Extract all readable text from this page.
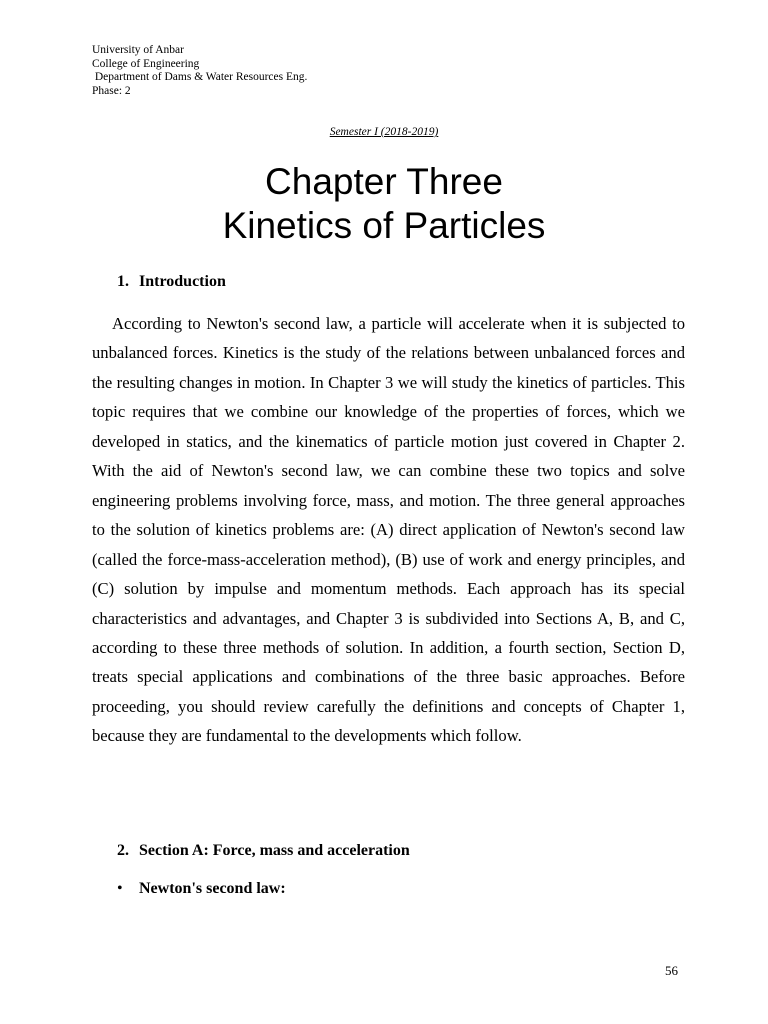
University of Anbar
College of Engineering
Department of Dams & Water Resources Eng.
Phase: 2
Semester I (2018-2019)
Chapter Three
Kinetics of Particles
1. Introduction

According to Newton's second law, a particle will accelerate when it is subjected to unbalanced forces. Kinetics is the study of the relations between unbalanced forces and the resulting changes in motion. In Chapter 3 we will study the kinetics of particles. This topic requires that we combine our knowledge of the properties of forces, which we developed in statics, and the kinematics of particle motion just covered in Chapter 2. With the aid of Newton's second law, we can combine these two topics and solve engineering problems involving force, mass, and motion. The three general approaches to the solution of kinetics problems are: (A) direct application of Newton's second law (called the force-mass-acceleration method), (B) use of work and energy principles, and (C) solution by impulse and momentum methods. Each approach has its special characteristics and advantages, and Chapter 3 is subdivided into Sections A, B, and C, according to these three methods of solution. In addition, a fourth section, Section D, treats special applications and combinations of the three basic approaches. Before proceeding, you should review carefully the definitions and concepts of Chapter 1, because they are fundamental to the developments which follow.

2. Section A: Force, mass and acceleration
• Newton's second law:
56
